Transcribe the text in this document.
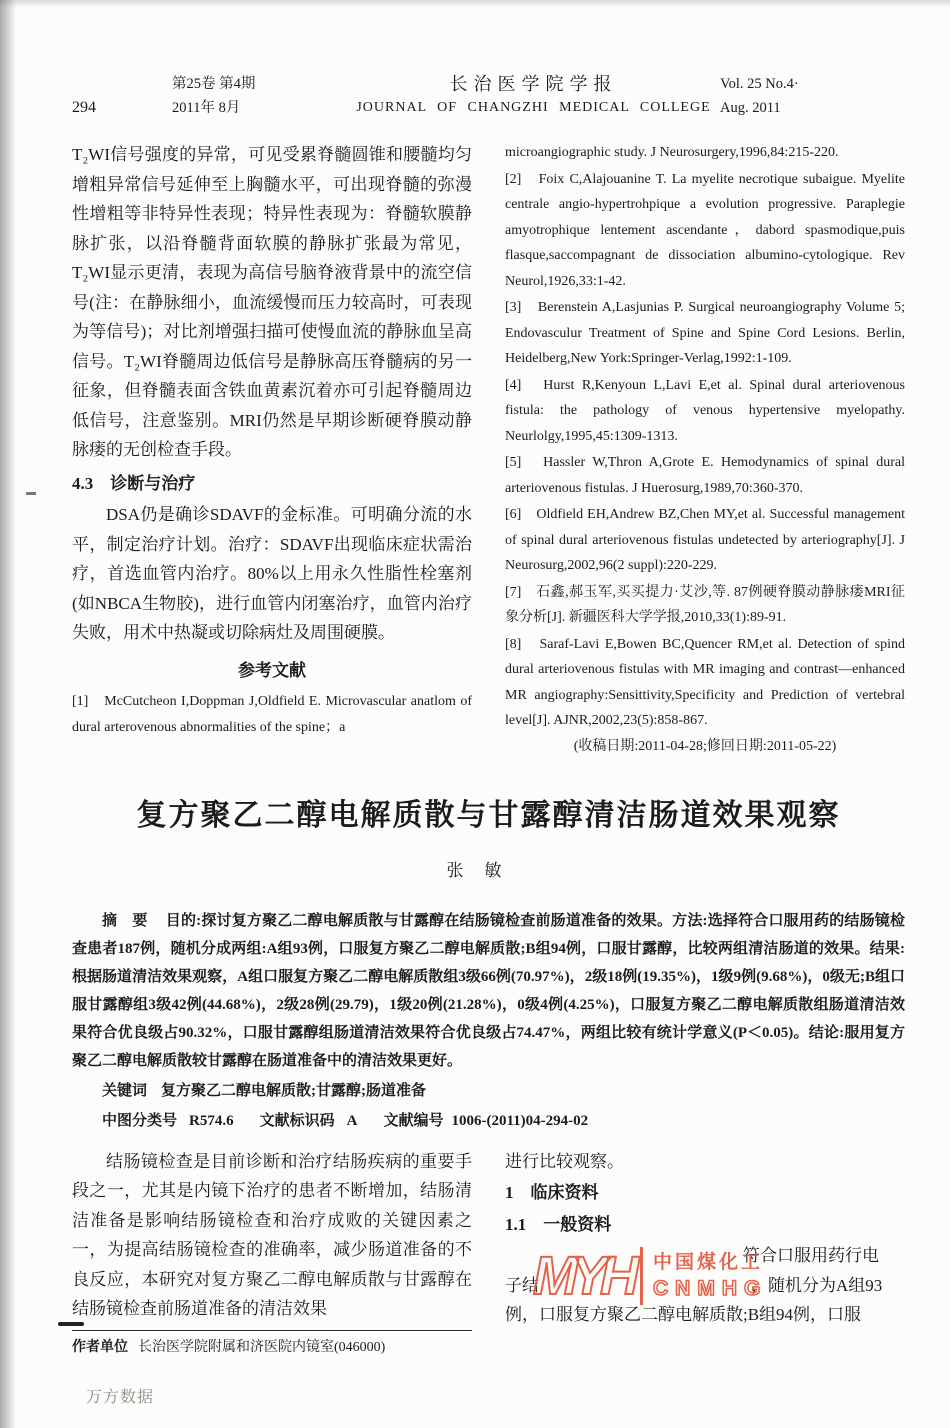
第25卷 第4期	长治医学院学报	Vol. 25 No.4·
294	2011年 8月	JOURNAL OF CHANGZHI MEDICAL COLLEGE Aug. 2011

T₂WI信号强度的异常，可见受累脊髓圆锥和腰髓均匀增粗异常信号延伸至上胸髓水平，可出现脊髓的弥漫性增粗等非特异性表现；特异性表现为：脊髓软膜静脉扩张，以沿脊髓背面软膜的静脉扩张最为常见，T₂WI显示更清，表现为高信号脑脊液背景中的流空信号(注：在静脉细小，血流缓慢而压力较高时，可表现为等信号)；对比剂增强扫描可使慢血流的静脉血呈高信号。T₂WI脊髓周边低信号是静脉高压脊髓病的另一征象，但脊髓表面含铁血黄素沉着亦可引起脊髓周边低信号，注意鉴别。MRI仍然是早期诊断硬脊膜动静脉瘘的无创检查手段。

4.3　诊断与治疗

DSA仍是确诊SDAVF的金标准。可明确分流的水平，制定治疗计划。治疗：SDAVF出现临床症状需治疗，首选血管内治疗。80%以上用永久性脂性栓塞剂(如NBCA生物胶)，进行血管内闭塞治疗，血管内治疗失败，用术中热凝或切除病灶及周围硬膜。

参考文献

[1]　McCutcheon I,Doppman J,Oldfield E. Microvascular anatlom of dural arterovenous abnormalities of the spine；a

microangiographic study. J Neurosurgery,1996,84:215-220.

[2]　Foix C,Alajouanine T. La myelite necrotique subaigue. Myelite centrale angio-hypertrohpique a evolution progressive. Paraplegie amyotrophique lentement ascendante，dabord spasmodique,puis flasque,saccompagnant de dissociation albumino-cytologique. Rev Neurol,1926,33:1-42.

[3]　Berenstein A,Lasjunias P. Surgical neuroangiography Volume 5; Endovasculur Treatment of Spine and Spine Cord Lesions. Berlin, Heidelberg,New York:Springer-Verlag,1992:1-109.

[4]　Hurst R,Kenyoun L,Lavi E,et al. Spinal dural arteriovenous fistula: the pathology of venous hypertensive myelopathy. Neurlolgy,1995,45:1309-1313.

[5]　Hassler W,Thron A,Grote E. Hemodynamics of spinal dural arteriovenous fistulas. J Huerosurg,1989,70:360-370.

[6]　Oldfield EH,Andrew BZ,Chen MY,et al. Successful management of spinal dural arteriovenous fistulas undetected by arteriography[J]. J Neurosurg,2002,96(2 suppl):220-229.

[7]　石鑫,郝玉军,买买提力·艾沙,等. 87例硬脊膜动静脉瘘MRI征象分析[J]. 新疆医科大学学报,2010,33(1):89-91.

[8]　Saraf-Lavi E,Bowen BC,Quencer RM,et al. Detection of spind dural arteriovenous fistulas with MR imaging and contrast—enhanced MR angiography:Sensittivity,Specificity and Prediction of vertebral level[J]. AJNR,2002,23(5):858-867.

(收稿日期:2011-04-28;修回日期:2011-05-22)

复方聚乙二醇电解质散与甘露醇清洁肠道效果观察
张　敏

摘　要 目的:探讨复方聚乙二醇电解质散与甘露醇在结肠镜检查前肠道准备的效果。方法:选择符合口服用药的结肠镜检查患者187例，随机分成两组:A组93例，口服复方聚乙二醇电解质散;B组94例，口服甘露醇，比较两组清洁肠道的效果。结果:根据肠道清洁效果观察，A组口服复方聚乙二醇电解质散组3级66例(70.97%)，2级18例(19.35%)，1级9例(9.68%)，0级无;B组口服甘露醇组3级42例(44.68%)，2级28例(29.79)，1级20例(21.28%)，0级4例(4.25%)，口服复方聚乙二醇电解质散组肠道清洁效果符合优良级占90.32%，口服甘露醇组肠道清洁效果符合优良级占74.47%，两组比较有统计学意义(P＜0.05)。结论:服用复方聚乙二醇电解质散较甘露醇在肠道准备中的清洁效果更好。

关键词 复方聚乙二醇电解质散;甘露醇;肠道准备

中图分类号 R574.6 文献标识码 A 文献编号 1006-(2011)04-294-02

结肠镜检查是目前诊断和治疗结肠疾病的重要手段之一，尤其是内镜下治疗的患者不断增加，结肠清洁准备是影响结肠镜检查和治疗成败的关键因素之一，为提高结肠镜检查的准确率，减少肠道准备的不良反应，本研究对复方聚乙二醇电解质散与甘露醇在结肠镜检查前肠道准备的清洁效果

作者单位 长治医学院附属和济医院内镜室(046000)

进行比较观察。

1　临床资料
1.1　一般资料

符合口服用药行电

子结	，随机分为A组93

例，口服复方聚乙二醇电解质散;B组94例，口服

MYH 中国煤化工
CNMHG
万方数据
